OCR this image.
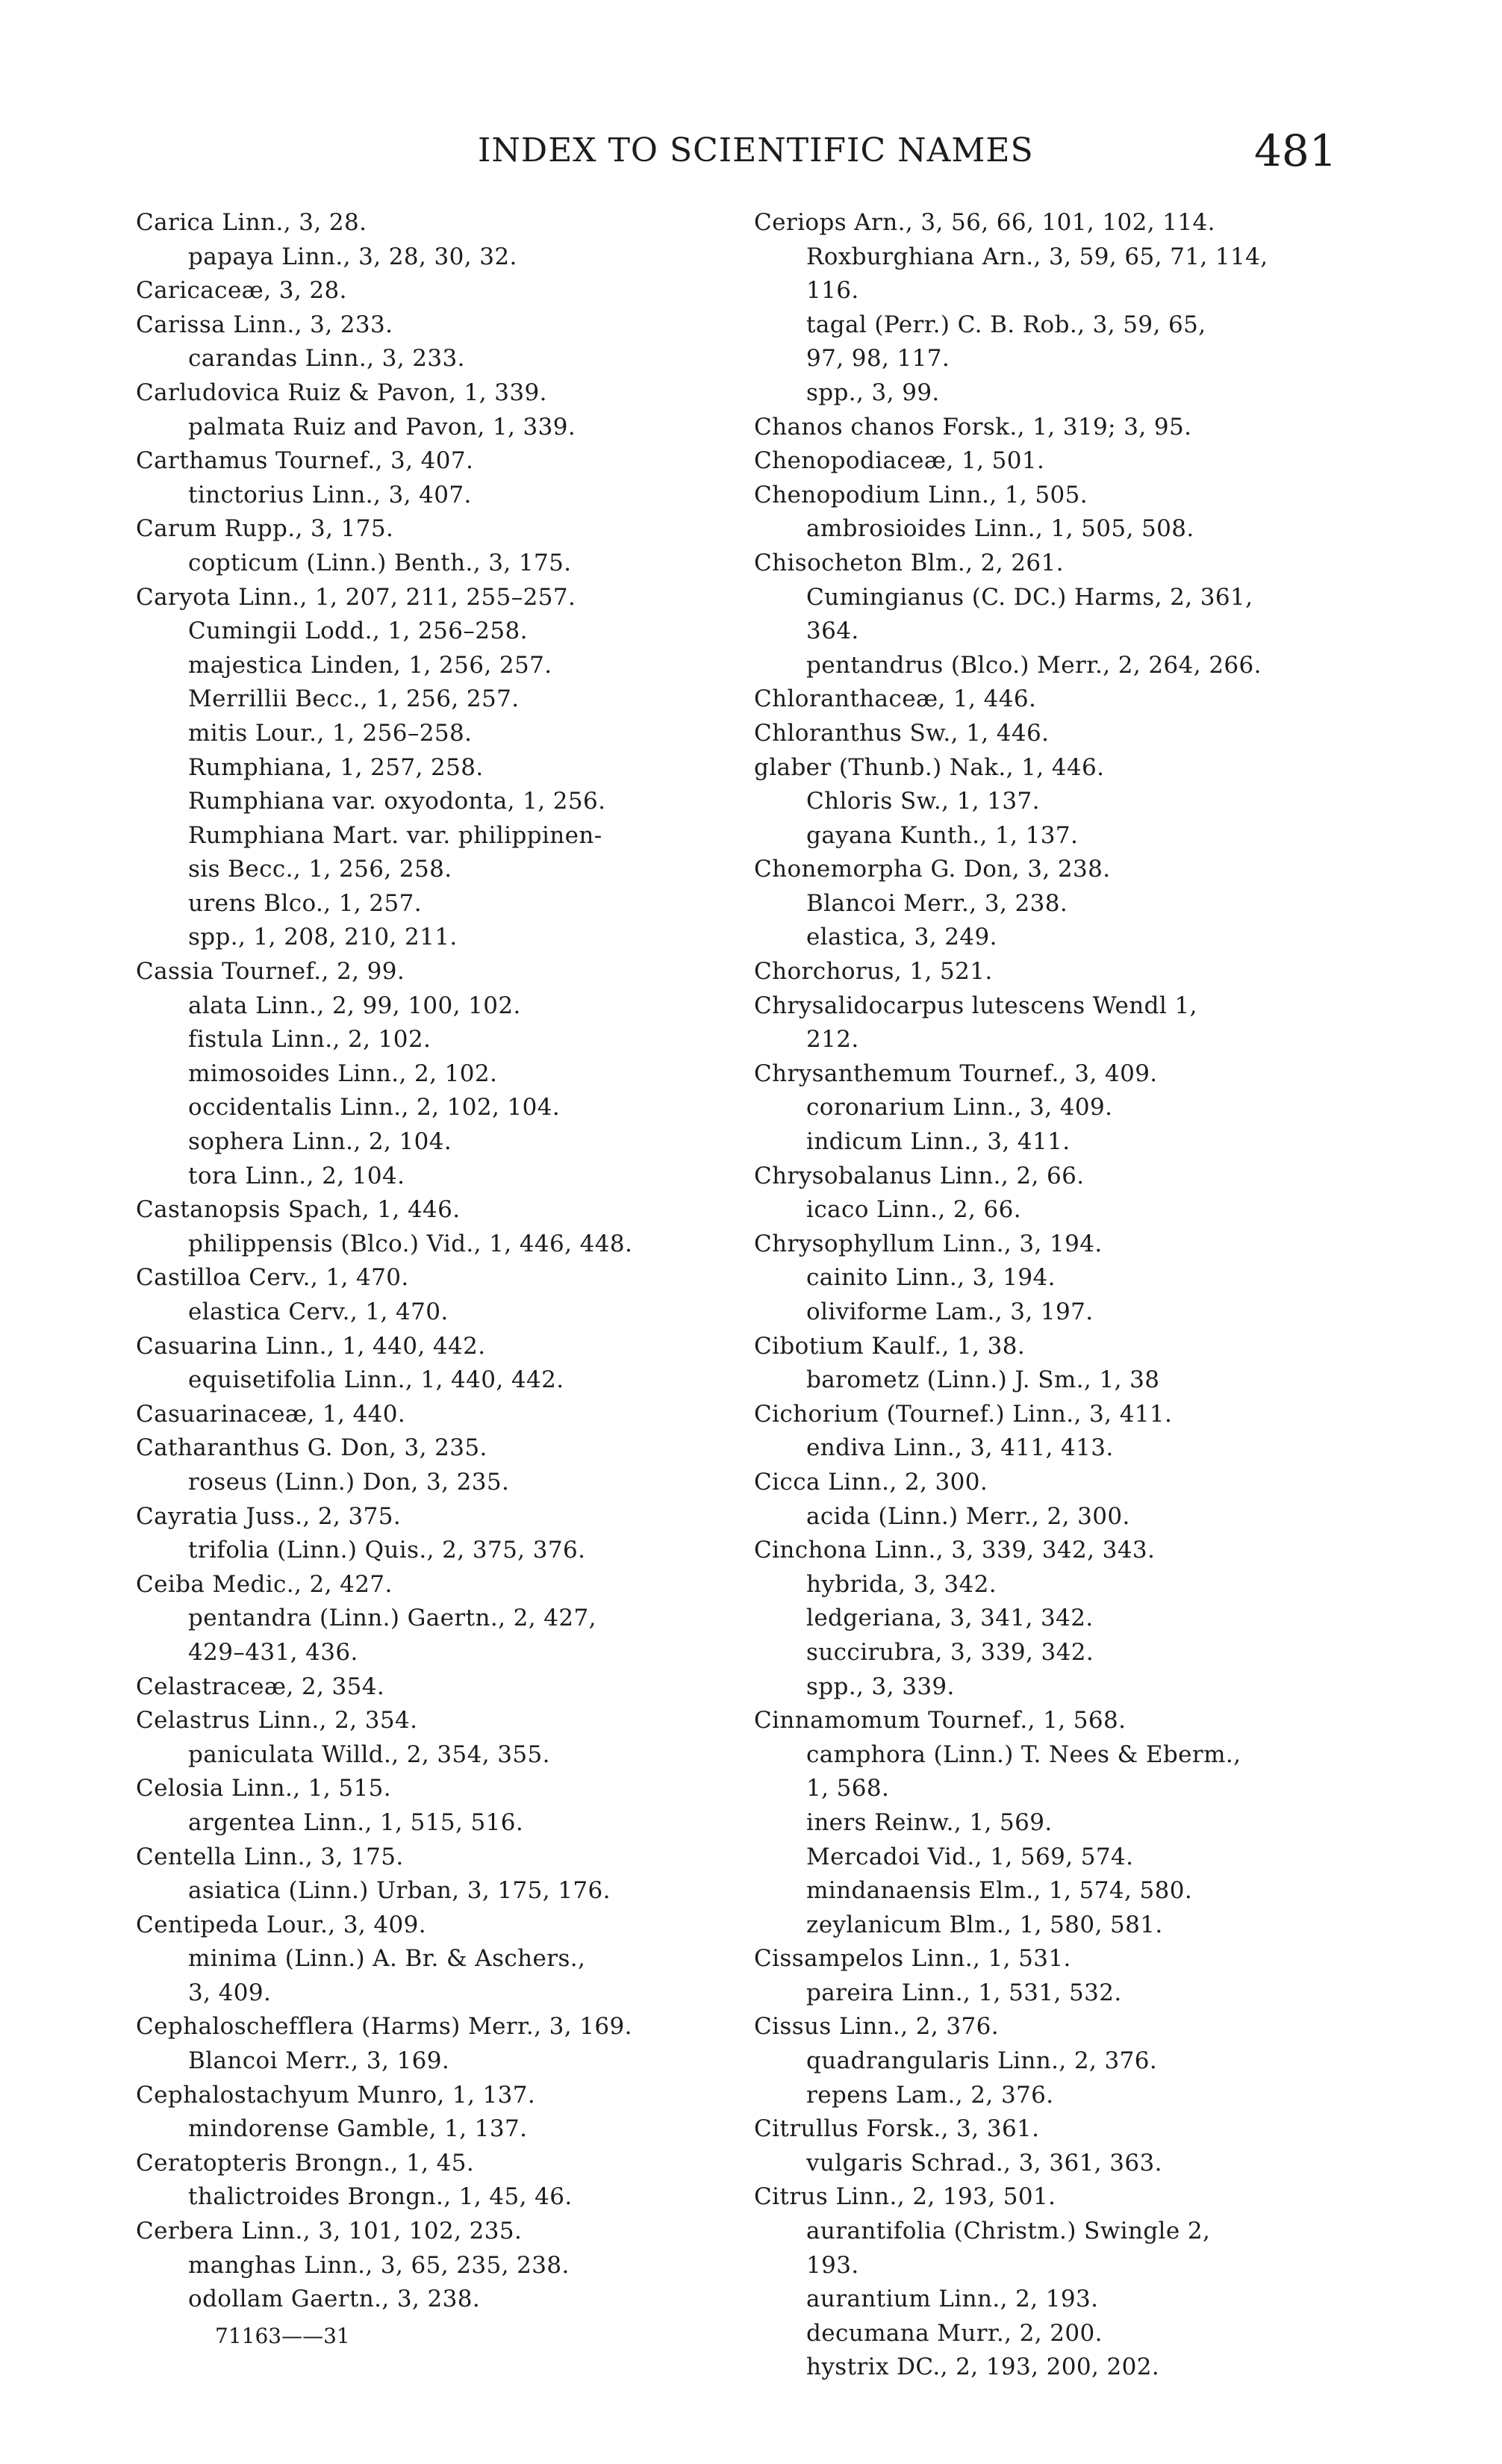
INDEX TO SCIENTIFIC NAMES	481
Carica Linn., 3, 28.
papaya Linn., 3, 28, 30, 32.
Caricaceæ, 3, 28.
Carissa Linn., 3, 233.
carandas Linn., 3, 233.
Carludovica Ruiz & Pavon, 1, 339.
palmata Ruiz and Pavon, 1, 339.
Carthamus Tournef., 3, 407.
tinctorius Linn., 3, 407.
Carum Rupp., 3, 175.
copticum (Linn.) Benth., 3, 175.
Caryota Linn., 1, 207, 211, 255–257.
Cumingii Lodd., 1, 256–258.
majestica Linden, 1, 256, 257.
Merrillii Becc., 1, 256, 257.
mitis Lour., 1, 256–258.
Rumphiana, 1, 257, 258.
Rumphiana var. oxyodonta, 1, 256.
Rumphiana Mart. var. philippinen-
sis Becc., 1, 256, 258.
urens Blco., 1, 257.
spp., 1, 208, 210, 211.
Cassia Tournef., 2, 99.
alata Linn., 2, 99, 100, 102.
fistula Linn., 2, 102.
mimosoides Linn., 2, 102.
occidentalis Linn., 2, 102, 104.
sophera Linn., 2, 104.
tora Linn., 2, 104.
Castanopsis Spach, 1, 446.
philippensis (Blco.) Vid., 1, 446, 448.
Castilloa Cerv., 1, 470.
elastica Cerv., 1, 470.
Casuarina Linn., 1, 440, 442.
equisetifolia Linn., 1, 440, 442.
Casuarinaceæ, 1, 440.
Catharanthus G. Don, 3, 235.
roseus (Linn.) Don, 3, 235.
Cayratia Juss., 2, 375.
trifolia (Linn.) Quis., 2, 375, 376.
Ceiba Medic., 2, 427.
pentandra (Linn.) Gaertn., 2, 427,
429–431, 436.
Celastraceæ, 2, 354.
Celastrus Linn., 2, 354.
paniculata Willd., 2, 354, 355.
Celosia Linn., 1, 515.
argentea Linn., 1, 515, 516.
Centella Linn., 3, 175.
asiatica (Linn.) Urban, 3, 175, 176.
Centipeda Lour., 3, 409.
minima (Linn.) A. Br. & Aschers.,
3, 409.
Cephaloschefflera (Harms) Merr., 3, 169.
Blancoi Merr., 3, 169.
Cephalostachyum Munro, 1, 137.
mindorense Gamble, 1, 137.
Ceratopteris Brongn., 1, 45.
thalictroides Brongn., 1, 45, 46.
Cerbera Linn., 3, 101, 102, 235.
manghas Linn., 3, 65, 235, 238.
odollam Gaertn., 3, 238.
Ceriops Arn., 3, 56, 66, 101, 102, 114.
Roxburghiana Arn., 3, 59, 65, 71, 114,
116.
tagal (Perr.) C. B. Rob., 3, 59, 65,
97, 98, 117.
spp., 3, 99.
Chanos chanos Forsk., 1, 319; 3, 95.
Chenopodiaceæ, 1, 501.
Chenopodium Linn., 1, 505.
ambrosioides Linn., 1, 505, 508.
Chisocheton Blm., 2, 261.
Cumingianus (C. DC.) Harms, 2, 361,
364.
pentandrus (Blco.) Merr., 2, 264, 266.
Chloranthaceæ, 1, 446.
Chloranthus Sw., 1, 446.
glaber (Thunb.) Nak., 1, 446.
Chloris Sw., 1, 137.
gayana Kunth., 1, 137.
Chonemorpha G. Don, 3, 238.
Blancoi Merr., 3, 238.
elastica, 3, 249.
Chorchorus, 1, 521.
Chrysalidocarpus lutescens Wendl 1,
212.
Chrysanthemum Tournef., 3, 409.
coronarium Linn., 3, 409.
indicum Linn., 3, 411.
Chrysobalanus Linn., 2, 66.
icaco Linn., 2, 66.
Chrysophyllum Linn., 3, 194.
cainito Linn., 3, 194.
oliviforme Lam., 3, 197.
Cibotium Kaulf., 1, 38.
barometz (Linn.) J. Sm., 1, 38
Cichorium (Tournef.) Linn., 3, 411.
endiva Linn., 3, 411, 413.
Cicca Linn., 2, 300.
acida (Linn.) Merr., 2, 300.
Cinchona Linn., 3, 339, 342, 343.
hybrida, 3, 342.
ledgeriana, 3, 341, 342.
succirubra, 3, 339, 342.
spp., 3, 339.
Cinnamomum Tournef., 1, 568.
camphora (Linn.) T. Nees & Eberm.,
1, 568.
iners Reinw., 1, 569.
Mercadoi Vid., 1, 569, 574.
mindanaensis Elm., 1, 574, 580.
zeylanicum Blm., 1, 580, 581.
Cissampelos Linn., 1, 531.
pareira Linn., 1, 531, 532.
Cissus Linn., 2, 376.
quadrangularis Linn., 2, 376.
repens Lam., 2, 376.
Citrullus Forsk., 3, 361.
vulgaris Schrad., 3, 361, 363.
Citrus Linn., 2, 193, 501.
aurantifolia (Christm.) Swingle 2,
193.
aurantium Linn., 2, 193.
decumana Murr., 2, 200.
hystrix DC., 2, 193, 200, 202.
71163——31
